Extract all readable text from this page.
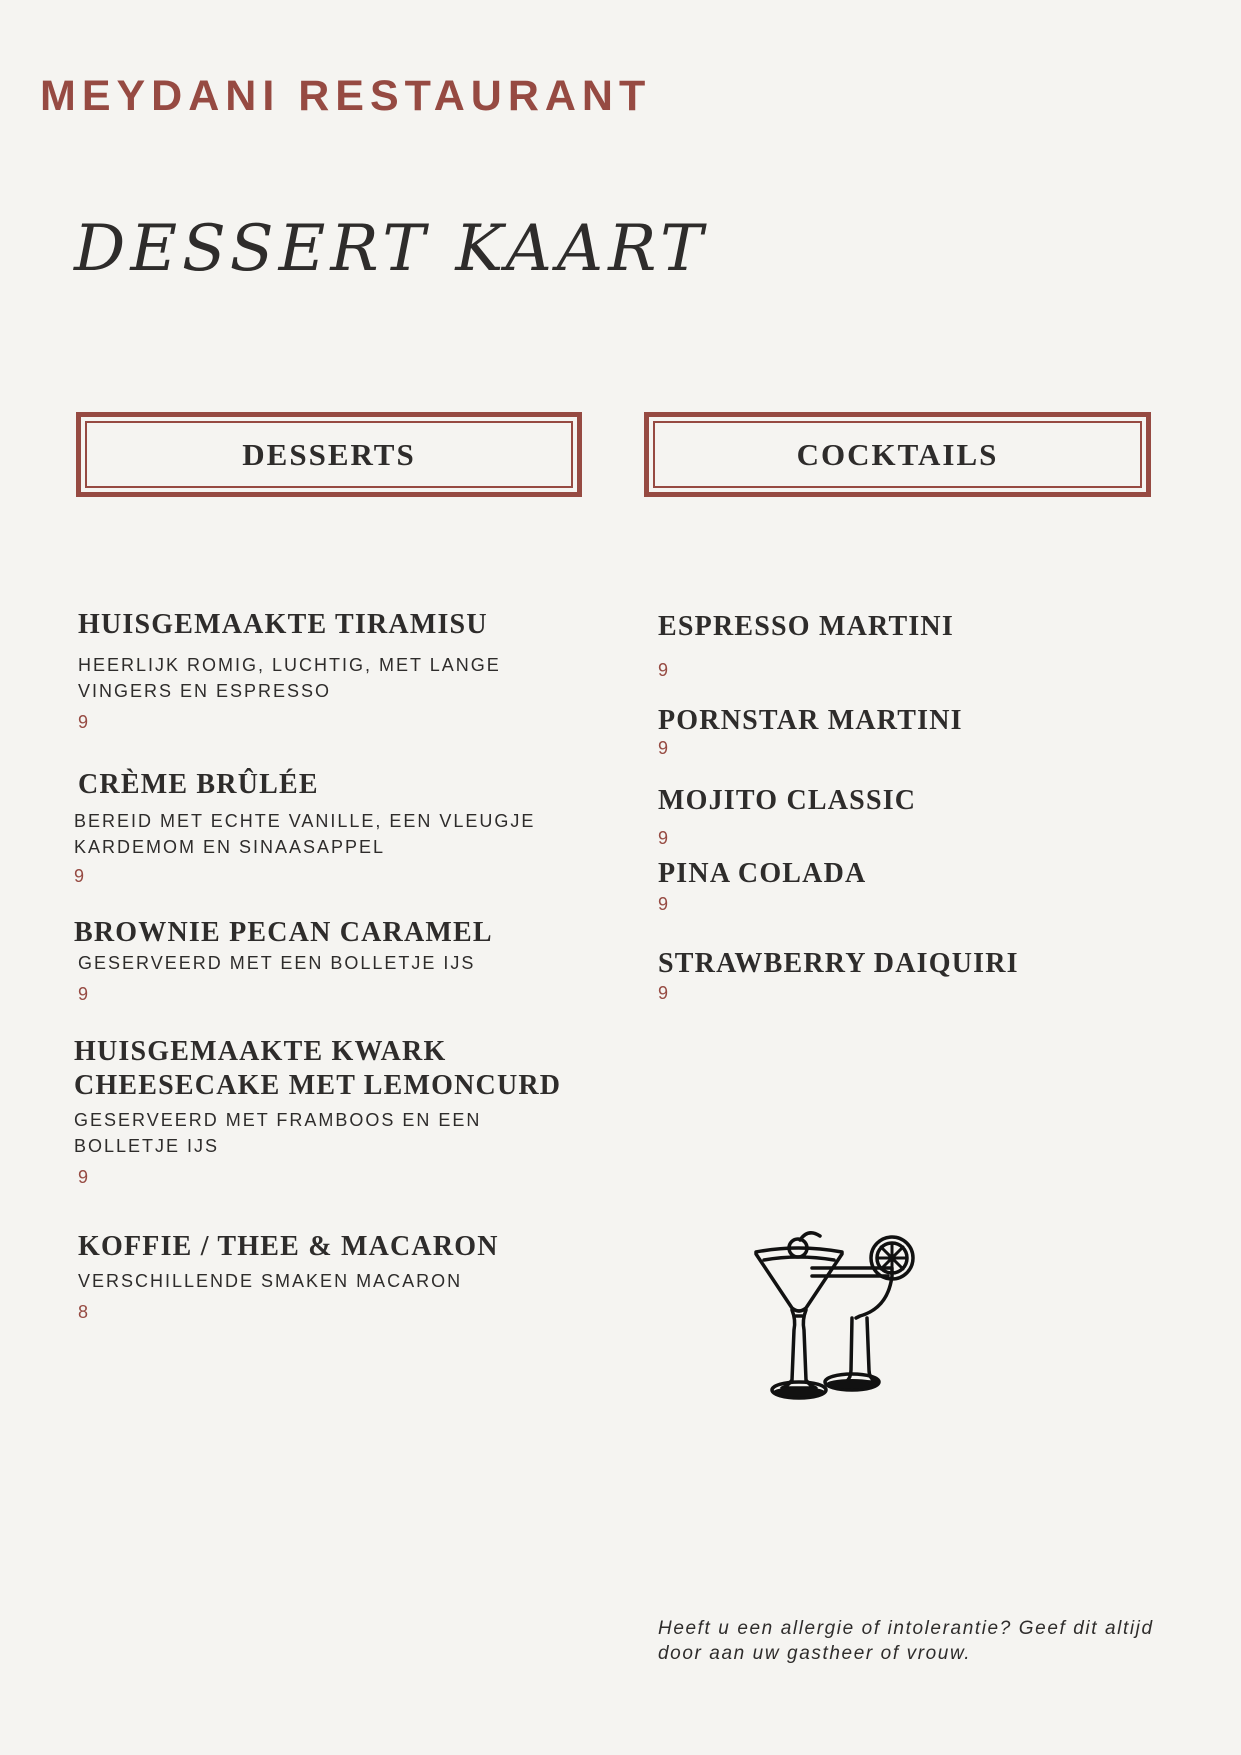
MEYDANI RESTAURANT
DESSERT KAART
DESSERTS	COCKTAILS
HUISGEMAAKTE TIRAMISU
HEERLIJK ROMIG, LUCHTIG, MET LANGE
VINGERS EN ESPRESSO
9
CRÈME BRÛLÉE
BEREID MET ECHTE VANILLE, EEN VLEUGJE
KARDEMOM EN SINAASAPPEL
9
BROWNIE PECAN CARAMEL
GESERVEERD MET EEN BOLLETJE IJS
9
HUISGEMAAKTE KWARK
CHEESECAKE MET LEMONCURD
GESERVEERD MET FRAMBOOS EN EEN
BOLLETJE IJS
9
KOFFIE / THEE & MACARON
VERSCHILLENDE SMAKEN MACARON
8
ESPRESSO MARTINI
9
PORNSTAR MARTINI
9
MOJITO CLASSIC
9
PINA COLADA
9
STRAWBERRY DAIQUIRI
9
Heeft u een allergie of intolerantie? Geef dit altijd
door aan uw gastheer of vrouw.
